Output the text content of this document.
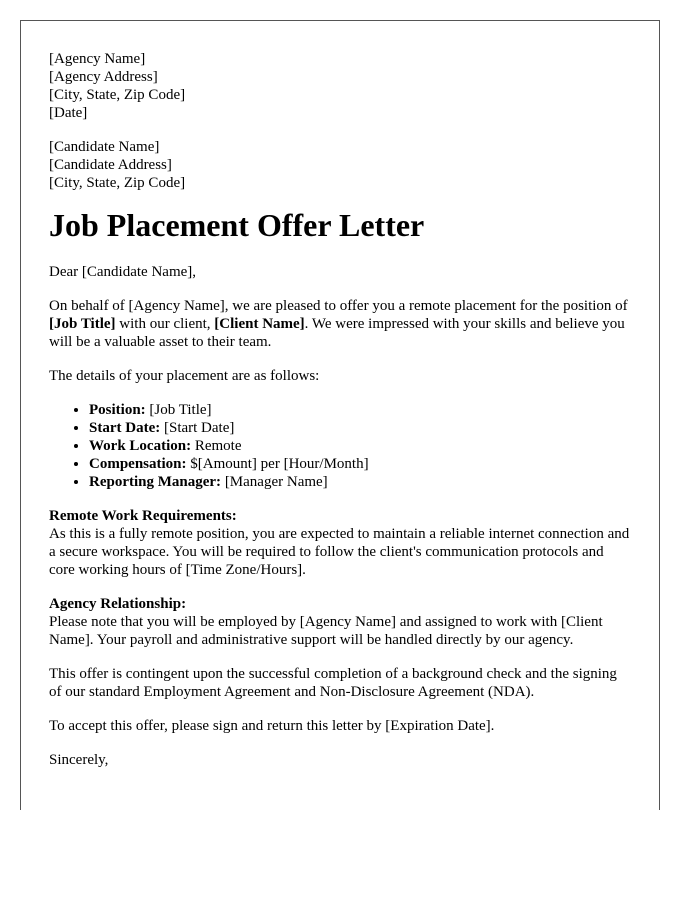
[Agency Name]
[Agency Address]
[City, State, Zip Code]
[Date]
[Candidate Name]
[Candidate Address]
[City, State, Zip Code]
Job Placement Offer Letter

Dear [Candidate Name],

On behalf of [Agency Name], we are pleased to offer you a remote placement for the position of [Job Title] with our client, [Client Name]. We were impressed with your skills and believe you will be a valuable asset to their team.

The details of your placement are as follows:

• Position: [Job Title]
• Start Date: [Start Date]
• Work Location: Remote
• Compensation: $[Amount] per [Hour/Month]
• Reporting Manager: [Manager Name]

Remote Work Requirements:
As this is a fully remote position, you are expected to maintain a reliable internet connection and a secure workspace. You will be required to follow the client's communication protocols and core working hours of [Time Zone/Hours].

Agency Relationship:
Please note that you will be employed by [Agency Name] and assigned to work with [Client Name]. Your payroll and administrative support will be handled directly by our agency.

This offer is contingent upon the successful completion of a background check and the signing of our standard Employment Agreement and Non-Disclosure Agreement (NDA).

To accept this offer, please sign and return this letter by [Expiration Date].

Sincerely,
